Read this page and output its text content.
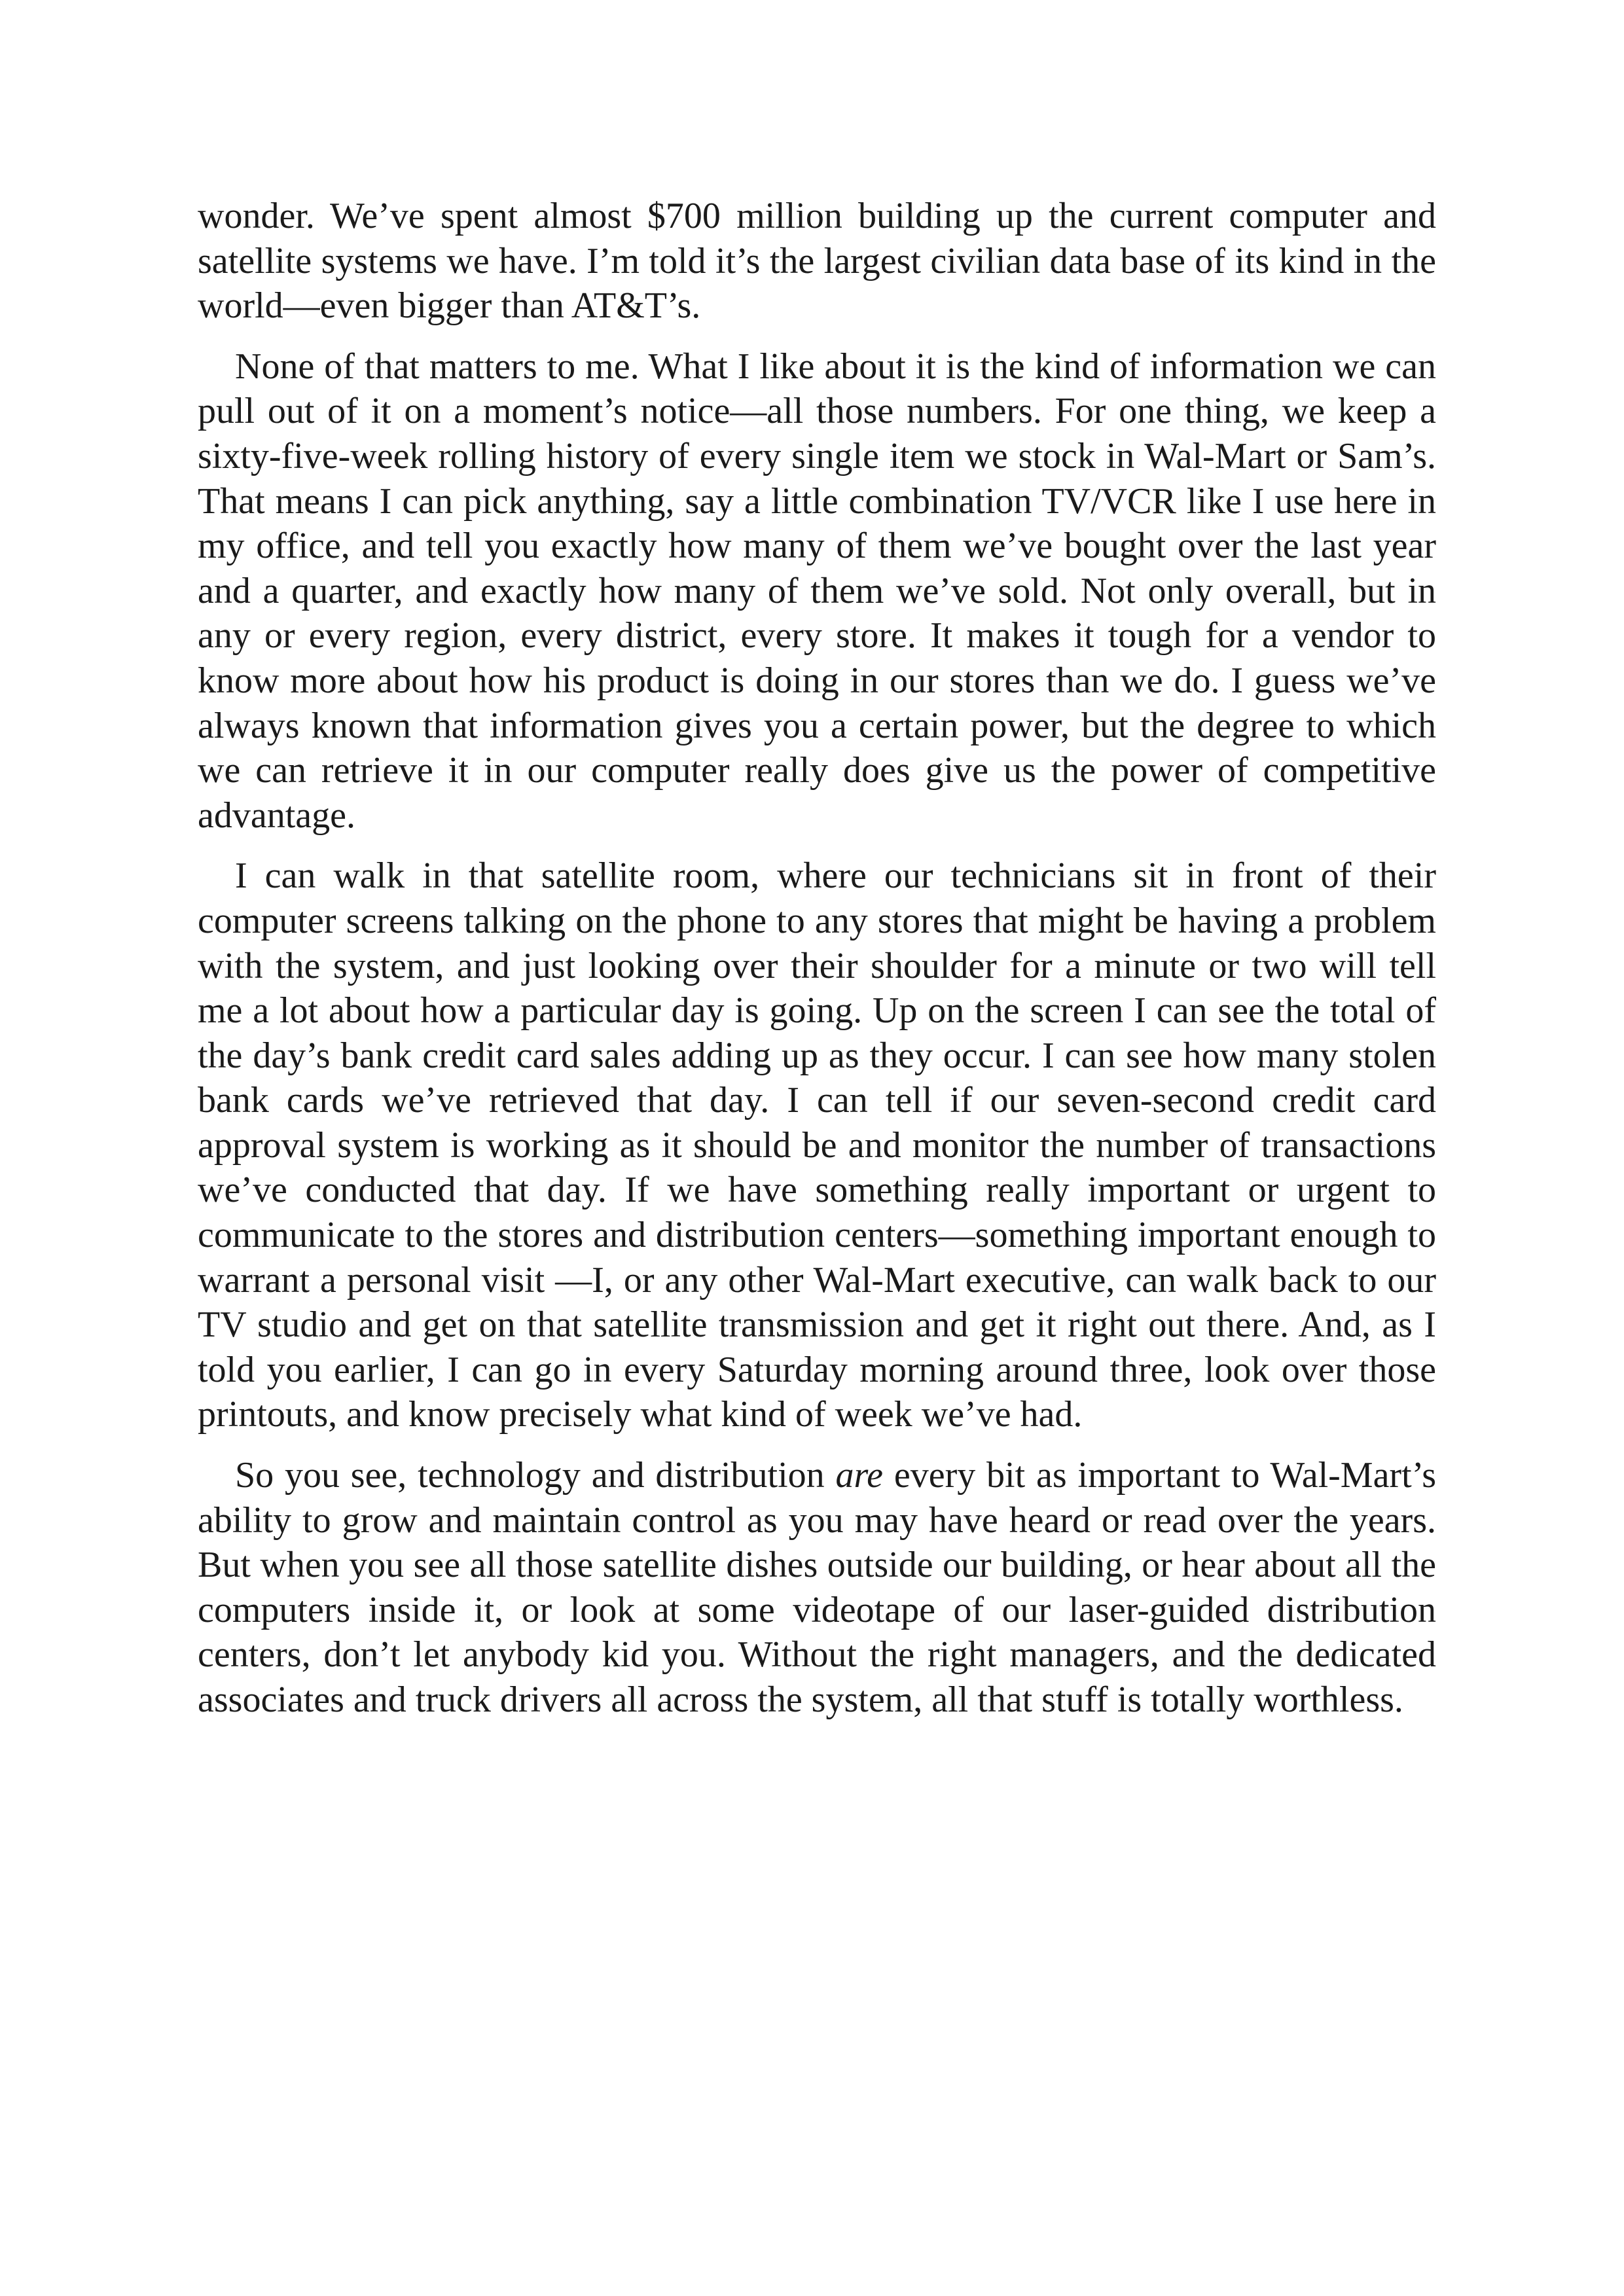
wonder. We’ve spent almost $700 million building up the current computer and satellite systems we have. I’m told it’s the largest civilian data base of its kind in the world—even bigger than AT&T’s.

None of that matters to me. What I like about it is the kind of information we can pull out of it on a moment’s notice—all those numbers. For one thing, we keep a sixty-five-week rolling history of every single item we stock in Wal-Mart or Sam’s. That means I can pick anything, say a little combination TV/VCR like I use here in my office, and tell you exactly how many of them we’ve bought over the last year and a quarter, and exactly how many of them we’ve sold. Not only overall, but in any or every region, every district, every store. It makes it tough for a vendor to know more about how his product is doing in our stores than we do. I guess we’ve always known that information gives you a certain power, but the degree to which we can retrieve it in our computer really does give us the power of competitive advantage.

I can walk in that satellite room, where our technicians sit in front of their computer screens talking on the phone to any stores that might be having a problem with the system, and just looking over their shoulder for a minute or two will tell me a lot about how a particular day is going. Up on the screen I can see the total of the day’s bank credit card sales adding up as they occur. I can see how many stolen bank cards we’ve retrieved that day. I can tell if our seven-second credit card approval system is working as it should be and monitor the number of transactions we’ve conducted that day. If we have something really important or urgent to communicate to the stores and distribution centers—something important enough to warrant a personal visit —I, or any other Wal-Mart executive, can walk back to our TV studio and get on that satellite transmission and get it right out there. And, as I told you earlier, I can go in every Saturday morning around three, look over those printouts, and know precisely what kind of week we’ve had.

So you see, technology and distribution are every bit as important to Wal-Mart’s ability to grow and maintain control as you may have heard or read over the years. But when you see all those satellite dishes outside our building, or hear about all the computers inside it, or look at some videotape of our laser-guided distribution centers, don’t let anybody kid you. Without the right managers, and the dedicated associates and truck drivers all across the system, all that stuff is totally worthless.
